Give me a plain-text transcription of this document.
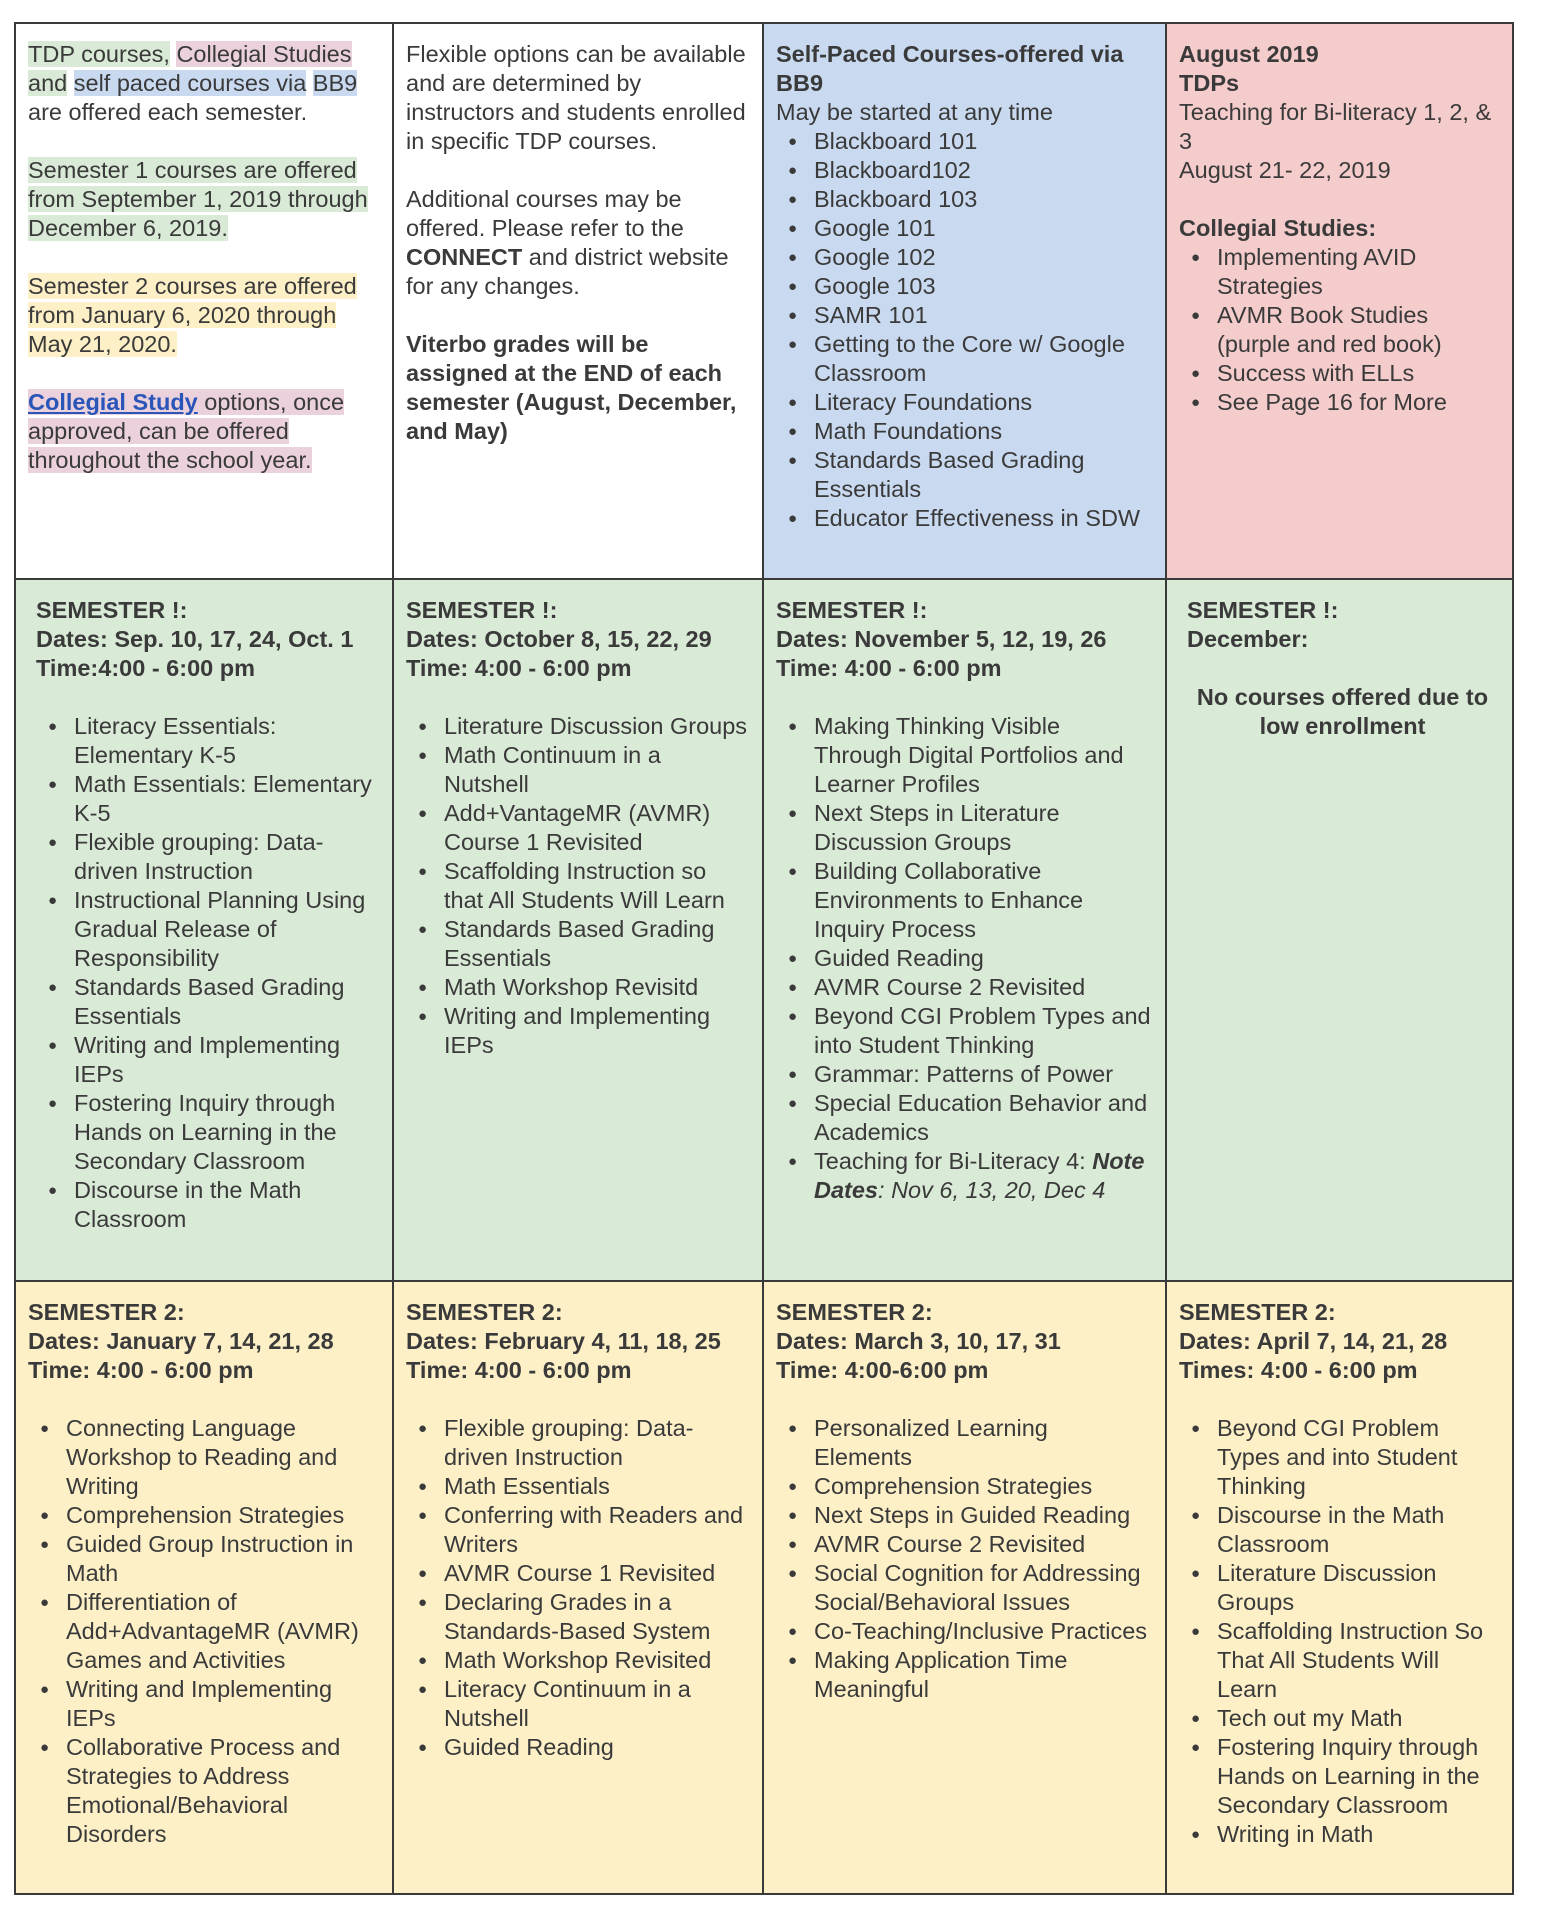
TDP courses, Collegial Studies and self paced courses via BB9 are offered each semester.

Semester 1 courses are offered from September 1, 2019 through December 6, 2019.

Semester 2 courses are offered from January 6, 2020 through May 21, 2020.

Collegial Study options, once approved, can be offered throughout the school year.

Flexible options can be available and are determined by instructors and students enrolled in specific TDP courses.

Additional courses may be offered. Please refer to the CONNECT and district website for any changes.

Viterbo grades will be assigned at the END of each semester (August, December, and May)

Self-Paced Courses-offered via BB9
May be started at any time
● Blackboard 101
● Blackboard102
● Blackboard 103
● Google 101
● Google 102
● Google 103
● SAMR 101
● Getting to the Core w/ Google Classroom
● Literacy Foundations
● Math Foundations
● Standards Based Grading Essentials
● Educator Effectiveness in SDW
August 2019
TDPs
Teaching for Bi-literacy 1, 2, & 3
August 21- 22, 2019
Collegial Studies:
● Implementing AVID Strategies
● AVMR Book Studies (purple and red book)
● Success with ELLs
● See Page 16 for More
SEMESTER !:
Dates: Sep. 10, 17, 24, Oct. 1
Time:4:00 - 6:00 pm
● Literacy Essentials: Elementary K-5
● Math Essentials: Elementary K-5
● Flexible grouping: Data-driven Instruction
● Instructional Planning Using Gradual Release of Responsibility
● Standards Based Grading Essentials
● Writing and Implementing IEPs
● Fostering Inquiry through Hands on Learning in the Secondary Classroom
● Discourse in the Math Classroom
SEMESTER !:
Dates: October 8, 15, 22, 29
Time: 4:00 - 6:00 pm
● Literature Discussion Groups
● Math Continuum in a Nutshell
● Add+VantageMR (AVMR) Course 1 Revisited
● Scaffolding Instruction so that All Students Will Learn
● Standards Based Grading Essentials
● Math Workshop Revisitd
● Writing and Implementing IEPs
SEMESTER !:
Dates: November 5, 12, 19, 26
Time: 4:00 - 6:00 pm
● Making Thinking Visible Through Digital Portfolios and Learner Profiles
● Next Steps in Literature Discussion Groups
● Building Collaborative Environments to Enhance Inquiry Process
● Guided Reading
● AVMR Course 2 Revisited
● Beyond CGI Problem Types and into Student Thinking
● Grammar: Patterns of Power
● Special Education Behavior and Academics
● Teaching for Bi-Literacy 4: Note Dates: Nov 6, 13, 20, Dec 4
SEMESTER !:
December:
No courses offered due to low enrollment
SEMESTER 2:
Dates: January 7, 14, 21, 28
Time: 4:00 - 6:00 pm
● Connecting Language Workshop to Reading and Writing
● Comprehension Strategies
● Guided Group Instruction in Math
● Differentiation of Add+AdvantageMR (AVMR) Games and Activities
● Writing and Implementing IEPs
● Collaborative Process and Strategies to Address Emotional/Behavioral Disorders
SEMESTER 2:
Dates: February 4, 11, 18, 25
Time: 4:00 - 6:00 pm
● Flexible grouping: Data-driven Instruction
● Math Essentials
● Conferring with Readers and Writers
● AVMR Course 1 Revisited
● Declaring Grades in a Standards-Based System
● Math Workshop Revisited
● Literacy Continuum in a Nutshell
● Guided Reading
SEMESTER 2:
Dates: March 3, 10, 17, 31
Time: 4:00-6:00 pm
● Personalized Learning Elements
● Comprehension Strategies
● Next Steps in Guided Reading
● AVMR Course 2 Revisited
● Social Cognition for Addressing Social/Behavioral Issues
● Co-Teaching/Inclusive Practices
● Making Application Time Meaningful
SEMESTER 2:
Dates: April 7, 14, 21, 28
Times: 4:00 - 6:00 pm
● Beyond CGI Problem Types and into Student Thinking
● Discourse in the Math Classroom
● Literature Discussion Groups
● Scaffolding Instruction So That All Students Will Learn
● Tech out my Math
● Fostering Inquiry through Hands on Learning in the Secondary Classroom
● Writing in Math
